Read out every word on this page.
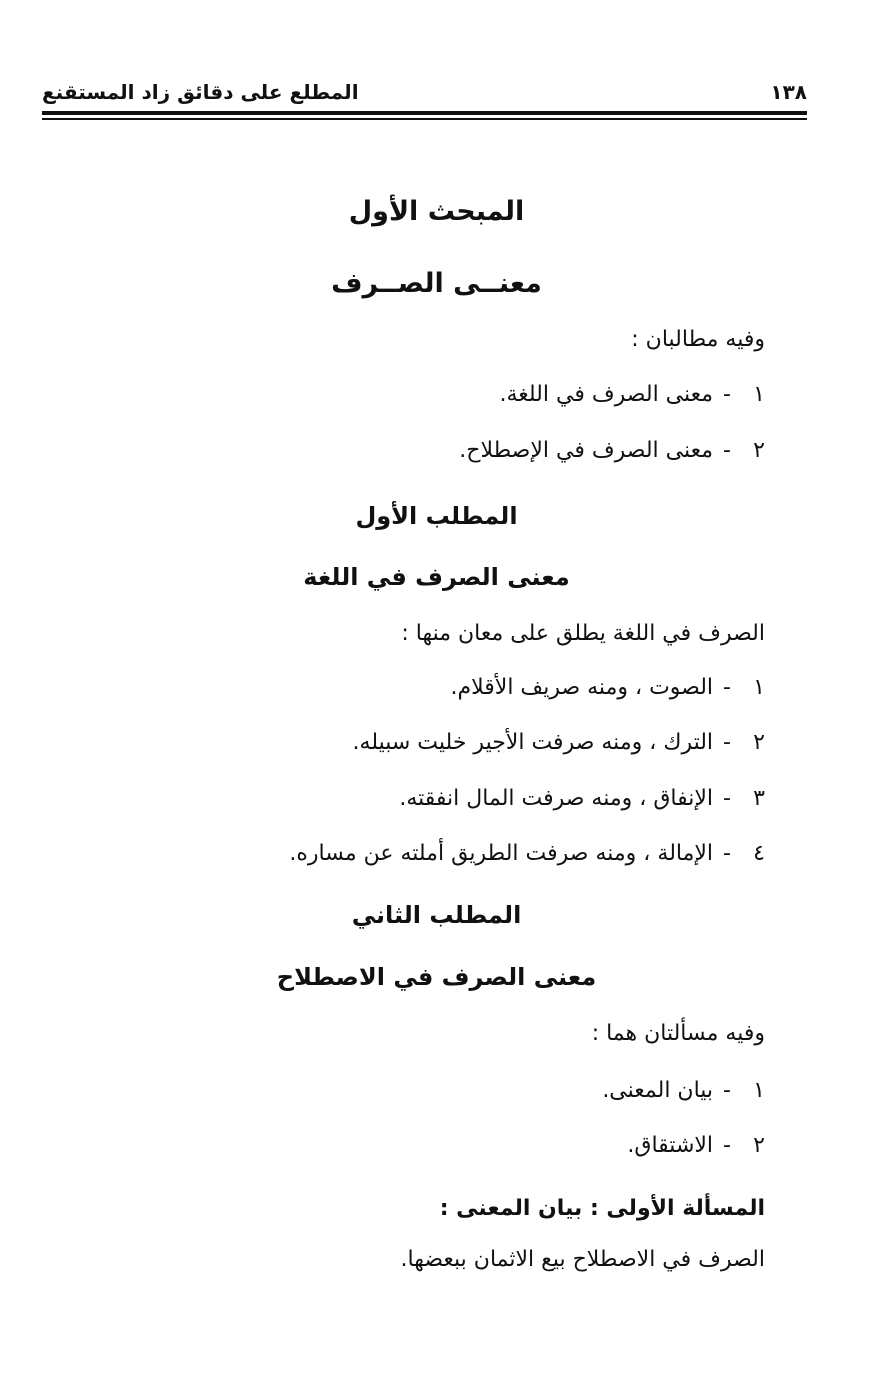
١٣٨
المطلع على دقائق زاد المستقنع
المبحث الأول
معنــى الصــرف
وفيه مطالبان :
١-معنى الصرف في اللغة.
٢-معنى الصرف في الإصطلاح.
المطلب الأول
معنى الصرف في اللغة
الصرف في اللغة يطلق على معان منها :
١-الصوت ، ومنه صريف الأقلام.
٢-الترك ، ومنه صرفت الأجير خليت سبيله.
٣-الإنفاق ، ومنه صرفت المال انفقته.
٤-الإمالة ، ومنه صرفت الطريق أملته عن مساره.
المطلب الثاني
معنى الصرف في الاصطلاح
وفيه مسألتان هما :
١-بيان المعنى.
٢-الاشتقاق.
المسألة الأولى : بيان المعنى :
الصرف في الاصطلاح بيع الاثمان ببعضها.
